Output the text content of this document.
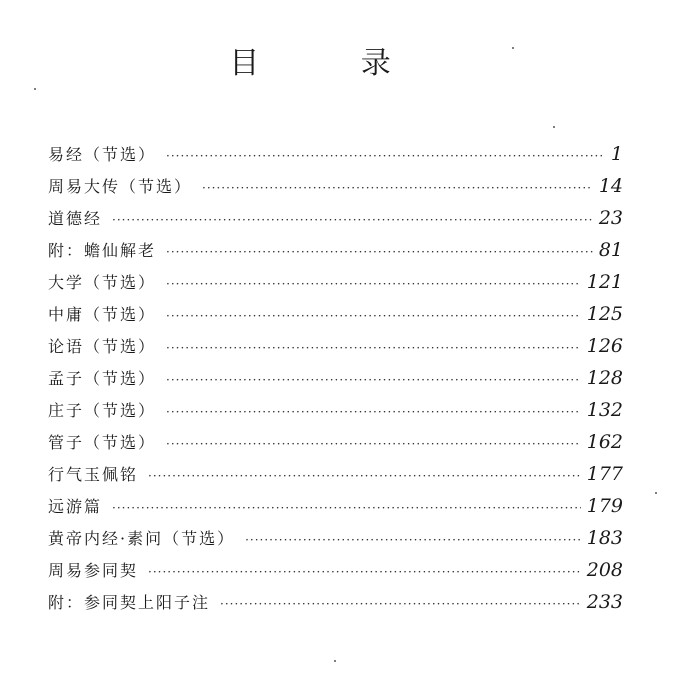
目 录
易经（节选） ·····	1
周易大传（节选） ·····	14
道德经 ·····	23
附：蟾仙解老 ·····	81
大学（节选） ·····	121
中庸（节选） ·····	125
论语（节选） ·····	126
孟子（节选） ·····	128
庄子（节选） ·····	132
管子（节选） ·····	162
行气玉佩铭 ·····	177
远游篇 ·····	179
黄帝内经·素问（节选） ·····	183
周易参同契 ·····	208
附：参同契上阳子注 ·····	233
